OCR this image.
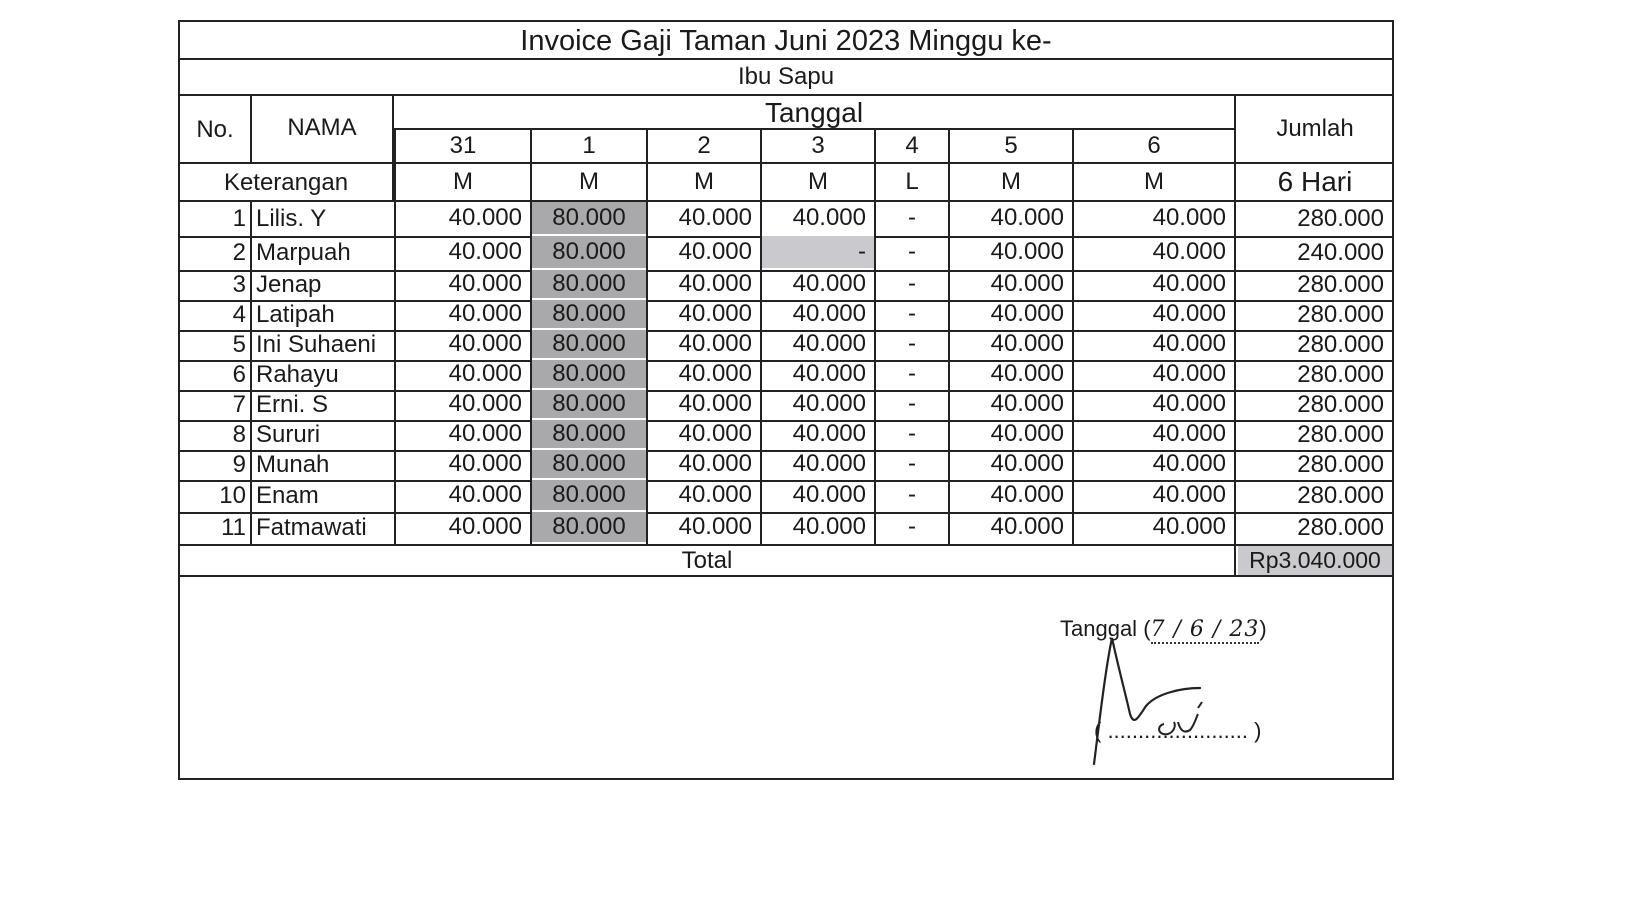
Invoice Gaji Taman Juni 2023 Minggu ke-
Ibu Sapu
No.	NAMA	Tanggal
Jumlah
31	1	2	3	4	5	6
Keterangan	M	M	M	M	L	M	M	6 Hari
1 Lilis. Y	40.000	80.000	40.000	40.000	-	40.000	40.000	280.000
2 Marpuah	40.000	80.000	40.000	-	-	40.000	40.000	240.000
3 Jenap	40.000	80.000	40.000	40.000	-	40.000	40.000	280.000
4 Latipah	40.000	80.000	40.000	40.000	-	40.000	40.000	280.000
5 Ini Suhaeni	40.000	80.000	40.000	40.000	-	40.000	40.000	280.000
6 Rahayu	40.000	80.000	40.000	40.000	-	40.000	40.000	280.000
7 Erni. S	40.000	80.000	40.000	40.000	-	40.000	40.000	280.000
8 Sururi	40.000	80.000	40.000	40.000	-	40.000	40.000	280.000
9 Munah	40.000	80.000	40.000	40.000	-	40.000	40.000	280.000
10 Enam	40.000	80.000	40.000	40.000	-	40.000	40.000	280.000
11 Fatmawati	40.000	80.000	40.000	40.000	-	40.000	40.000	280.000
Total	Rp3.040.000
Tanggal (7 / 6 / 23)
( ....................... )
